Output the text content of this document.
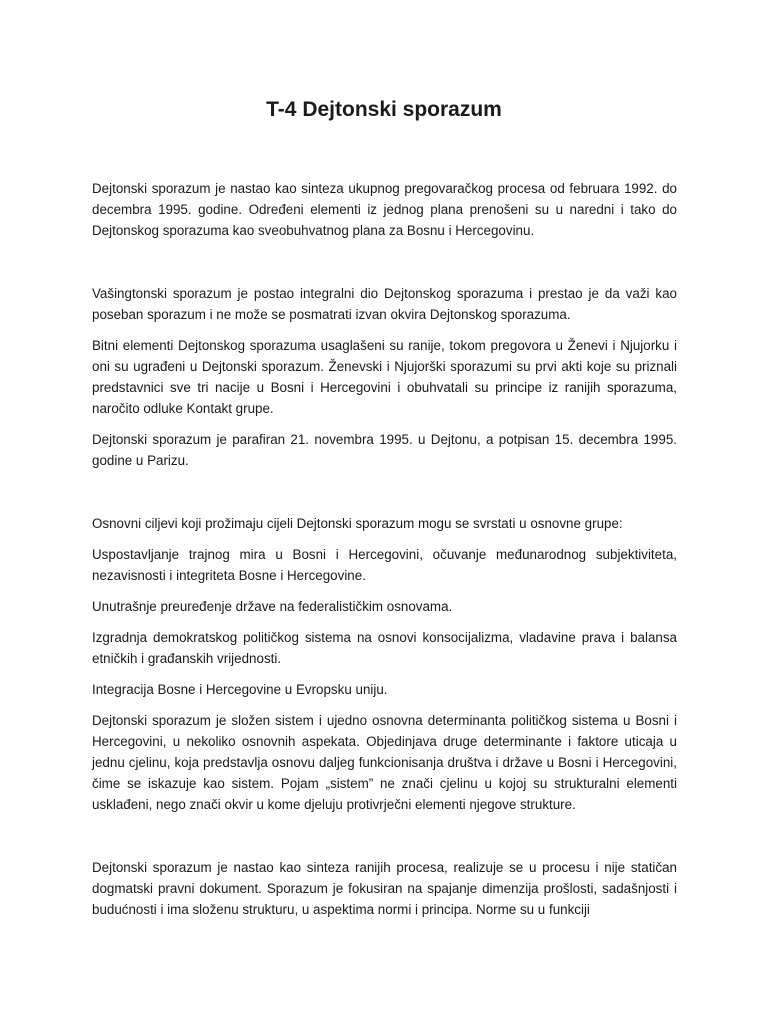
T-4 Dejtonski sporazum

Dejtonski sporazum je nastao kao sinteza ukupnog pregovaračkog procesa od februara 1992. do decembra 1995. godine. Određeni elementi iz jednog plana prenošeni su u naredni i tako do Dejtonskog sporazuma kao sveobuhvatnog plana za Bosnu i Hercegovinu.

Vašingtonski sporazum je postao integralni dio Dejtonskog sporazuma i prestao je da važi kao poseban sporazum i ne može se posmatrati izvan okvira Dejtonskog sporazuma.

Bitni elementi Dejtonskog sporazuma usaglašeni su ranije, tokom pregovora u Ženevi i Njujorku i oni su ugrađeni u Dejtonski sporazum. Ženevski i Njujorški sporazumi su prvi akti koje su priznali predstavnici sve tri nacije u Bosni i Hercegovini i obuhvatali su principe iz ranijih sporazuma, naročito odluke Kontakt grupe.

Dejtonski sporazum je parafiran 21. novembra 1995. u Dejtonu, a potpisan 15. decembra 1995. godine u Parizu.

Osnovni ciljevi koji prožimaju cijeli Dejtonski sporazum mogu se svrstati u osnovne grupe:

Uspostavljanje trajnog mira u Bosni i Hercegovini, očuvanje međunarodnog subjektiviteta, nezavisnosti i integriteta Bosne i Hercegovine.

Unutrašnje preuređenje države na federalističkim osnovama.

Izgradnja demokratskog političkog sistema na osnovi konsocijalizma, vladavine prava i balansa etničkih i građanskih vrijednosti.

Integracija Bosne i Hercegovine u Evropsku uniju.

Dejtonski sporazum je složen sistem i ujedno osnovna determinanta političkog sistema u Bosni i Hercegovini, u nekoliko osnovnih aspekata. Objedinjava druge determinante i faktore uticaja u jednu cjelinu, koja predstavlja osnovu daljeg funkcionisanja društva i države u Bosni i Hercegovini, čime se iskazuje kao sistem. Pojam „sistem” ne znači cjelinu u kojoj su strukturalni elementi usklađeni, nego znači okvir u kome djeluju protivrječni elementi njegove strukture.

Dejtonski sporazum je nastao kao sinteza ranijih procesa, realizuje se u procesu i nije statičan dogmatski pravni dokument. Sporazum je fokusiran na spajanje dimenzija prošlosti, sadašnjosti i budućnosti i ima složenu strukturu, u aspektima normi i principa. Norme su u funkciji
